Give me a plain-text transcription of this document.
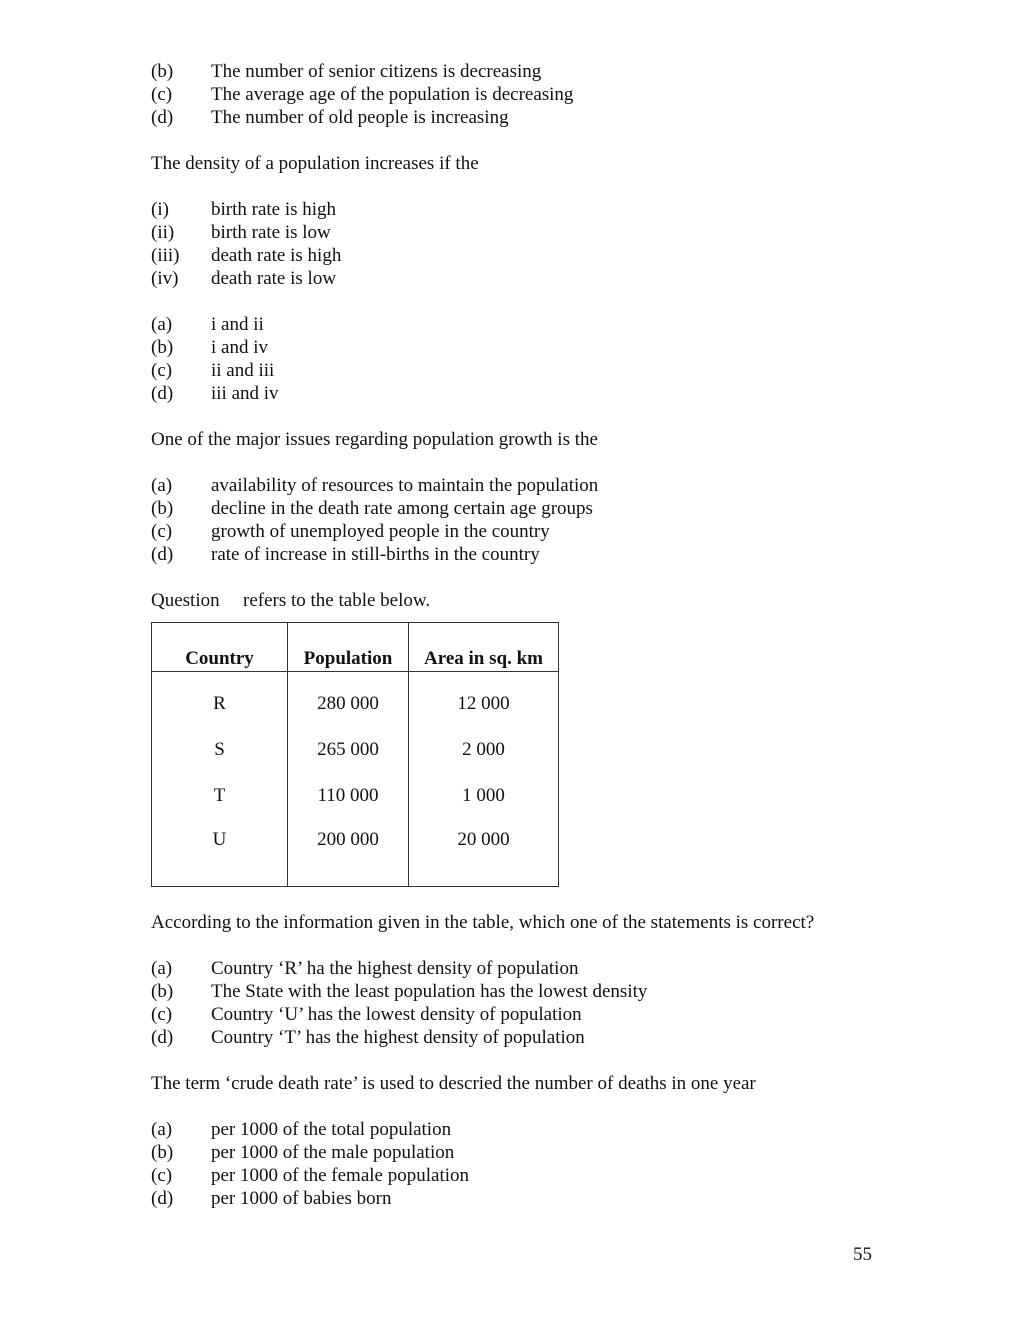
(b)	The number of senior citizens is decreasing
(c)	The average age of the population is decreasing
(d)	The number of old people is increasing
The density of a population increases if the
(i)	birth rate is high
(ii)	birth rate is low
(iii)	death rate is high
(iv)	death rate is low
(a)	i and ii
(b)	i and iv
(c)	ii and iii
(d)	iii and iv
One of the major issues regarding population growth is the
(a)	availability of resources to maintain the population
(b)	decline in the death rate among certain age groups
(c)	growth of unemployed people in the country
(d)	rate of increase in still-births in the country
Question refers to the table below.
Country	Population	Area in sq. km
R	280 000	12 000
S	265 000	2 000
T	110 000	1 000
U	200 000	20 000
According to the information given in the table, which one of the statements is correct?
(a)	Country ‘R’ ha the highest density of population
(b)	The State with the least population has the lowest density
(c)	Country ‘U’ has the lowest density of population
(d)	Country ‘T’ has the highest density of population
The term ‘crude death rate’ is used to descried the number of deaths in one year
(a)	per 1000 of the total population
(b)	per 1000 of the male population
(c)	per 1000 of the female population
(d)	per 1000 of babies born
55
